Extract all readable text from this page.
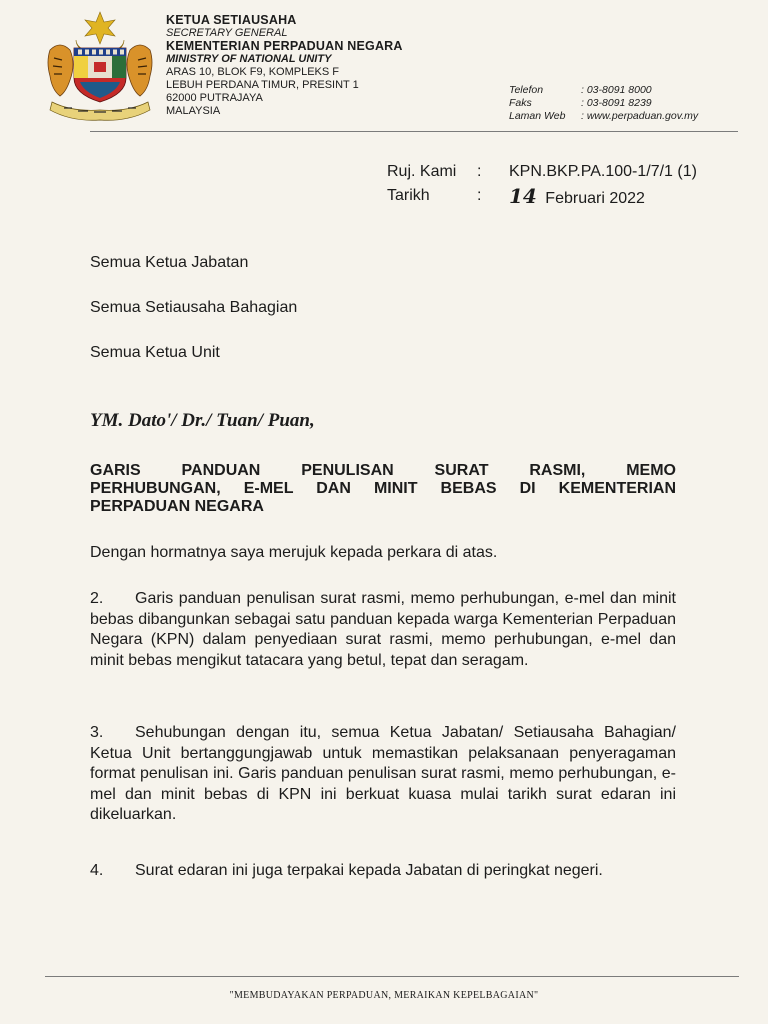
KETUA SETIAUSAHA
SECRETARY GENERAL
KEMENTERIAN PERPADUAN NEGARA
MINISTRY OF NATIONAL UNITY
ARAS 10, BLOK F9, KOMPLEKS F
LEBUH PERDANA TIMUR, PRESINT 1
62000 PUTRAJAYA
MALAYSIA
Telefon	: 03-8091 8000
Faks	: 03-8091 8239
Laman Web	: www.perpaduan.gov.my
Ruj. Kami	:	KPN.BKP.PA.100-1/7/1 (1)
Tarikh	:	14 Februari 2022
Semua Ketua Jabatan
Semua Setiausaha Bahagian
Semua Ketua Unit
YM. Dato'/ Dr./ Tuan/ Puan,
GARIS PANDUAN PENULISAN SURAT RASMI, MEMO
PERHUBUNGAN, E-MEL DAN MINIT BEBAS DI KEMENTERIAN
PERPADUAN NEGARA
Dengan hormatnya saya merujuk kepada perkara di atas.
2. Garis panduan penulisan surat rasmi, memo perhubungan, e-mel dan minit bebas dibangunkan sebagai satu panduan kepada warga Kementerian Perpaduan Negara (KPN) dalam penyediaan surat rasmi, memo perhubungan, e-mel dan minit bebas mengikut tatacara yang betul, tepat dan seragam.
3. Sehubungan dengan itu, semua Ketua Jabatan/ Setiausaha Bahagian/ Ketua Unit bertanggungjawab untuk memastikan pelaksanaan penyeragaman format penulisan ini. Garis panduan penulisan surat rasmi, memo perhubungan, e-mel dan minit bebas di KPN ini berkuat kuasa mulai tarikh surat edaran ini dikeluarkan.
4. Surat edaran ini juga terpakai kepada Jabatan di peringkat negeri.
"MEMBUDAYAKAN PERPADUAN, MERAIKAN KEPELBAGAIAN"
